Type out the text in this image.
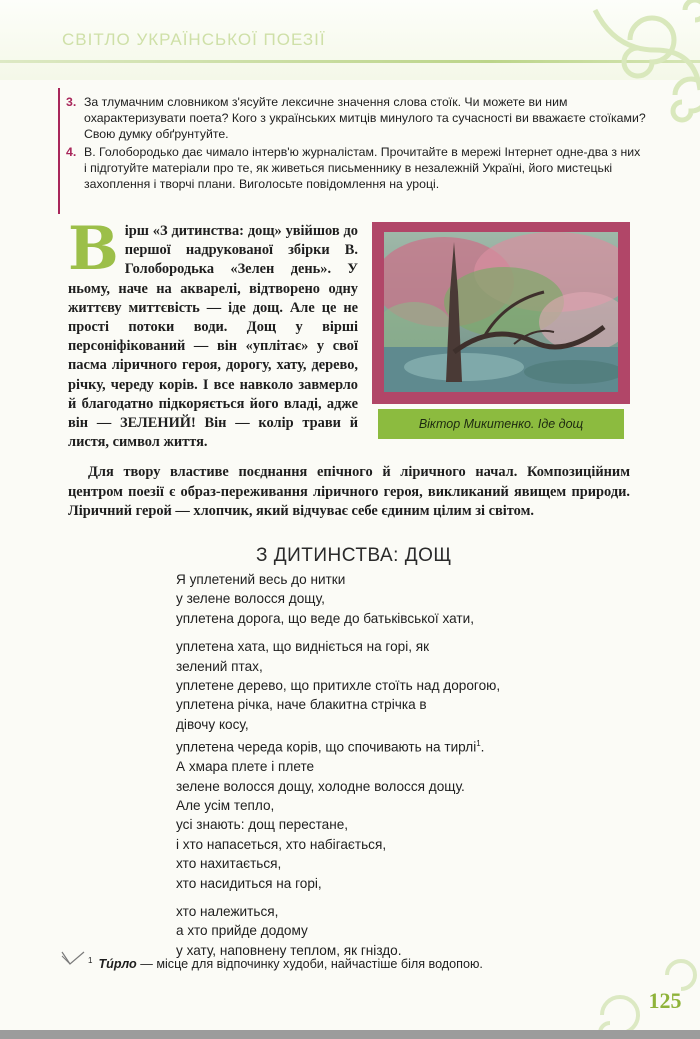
СВІТЛО УКРАЇНСЬКОЇ ПОЕЗІЇ
3. За тлумачним словником з'ясуйте лексичне значення слова стоїк. Чи можете ви ним охарактеризувати поета? Кого з українських митців минулого та сучасності ви вважаєте стоїками? Свою думку обґрунтуйте.
4. В. Голобородько дає чимало інтерв'ю журналістам. Прочитайте в мережі Інтернет одне-два з них і підготуйте матеріали про те, як живеться письменнику в незалежній Україні, його мистецькі захоплення і творчі плани. Виголосьте повідомлення на уроці.
В ірш «З дитинства: дощ» увійшов до першої надрукованої збірки В. Голобородька «Зелен день». У ньому, наче на акварелі, відтворено одну життєву миттєвість — іде дощ. Але це не прості потоки води. Дощ у вірші персоніфікований — він «уплітає» у свої пасма ліричного героя, дорогу, хату, дерево, річку, череду корів. І все навколо завмерло й благодатно підкоряється його владі, адже він — ЗЕЛЕНИЙ! Він — колір трави й листя, символ життя.
Віктор Микитенко. Іде дощ
Для твору властиве поєднання епічного й ліричного начал. Композиційним центром поезії є образ-переживання ліричного героя, викликаний явищем природи. Ліричний герой — хлопчик, який відчуває себе єдиним цілим зі світом.
З ДИТИНСТВА: ДОЩ
Я уплетений весь до нитки
у зелене волосся дощу,
уплетена дорога, що веде до батьківської хати,
уплетена хата, що видніється на горі, як
зелений птах,
уплетене дерево, що притихле стоїть над дорогою,
уплетена річка, наче блакитна стрічка в
дівочу косу,
уплетена череда корів, що спочивають на тирлі$^1$.
А хмара плете і плете
зелене волосся дощу, холодне волосся дощу.
Але усім тепло,
усі знають: дощ перестане,
і хто напасеться, хто набігається,
хто нахитається,
хто насидиться на горі,
хто належиться,
а хто прийде додому
у хату, наповнену теплом, як гніздо.
$^1$ Тúрло — місце для відпочинку худоби, найчастіше біля водопою.
125
